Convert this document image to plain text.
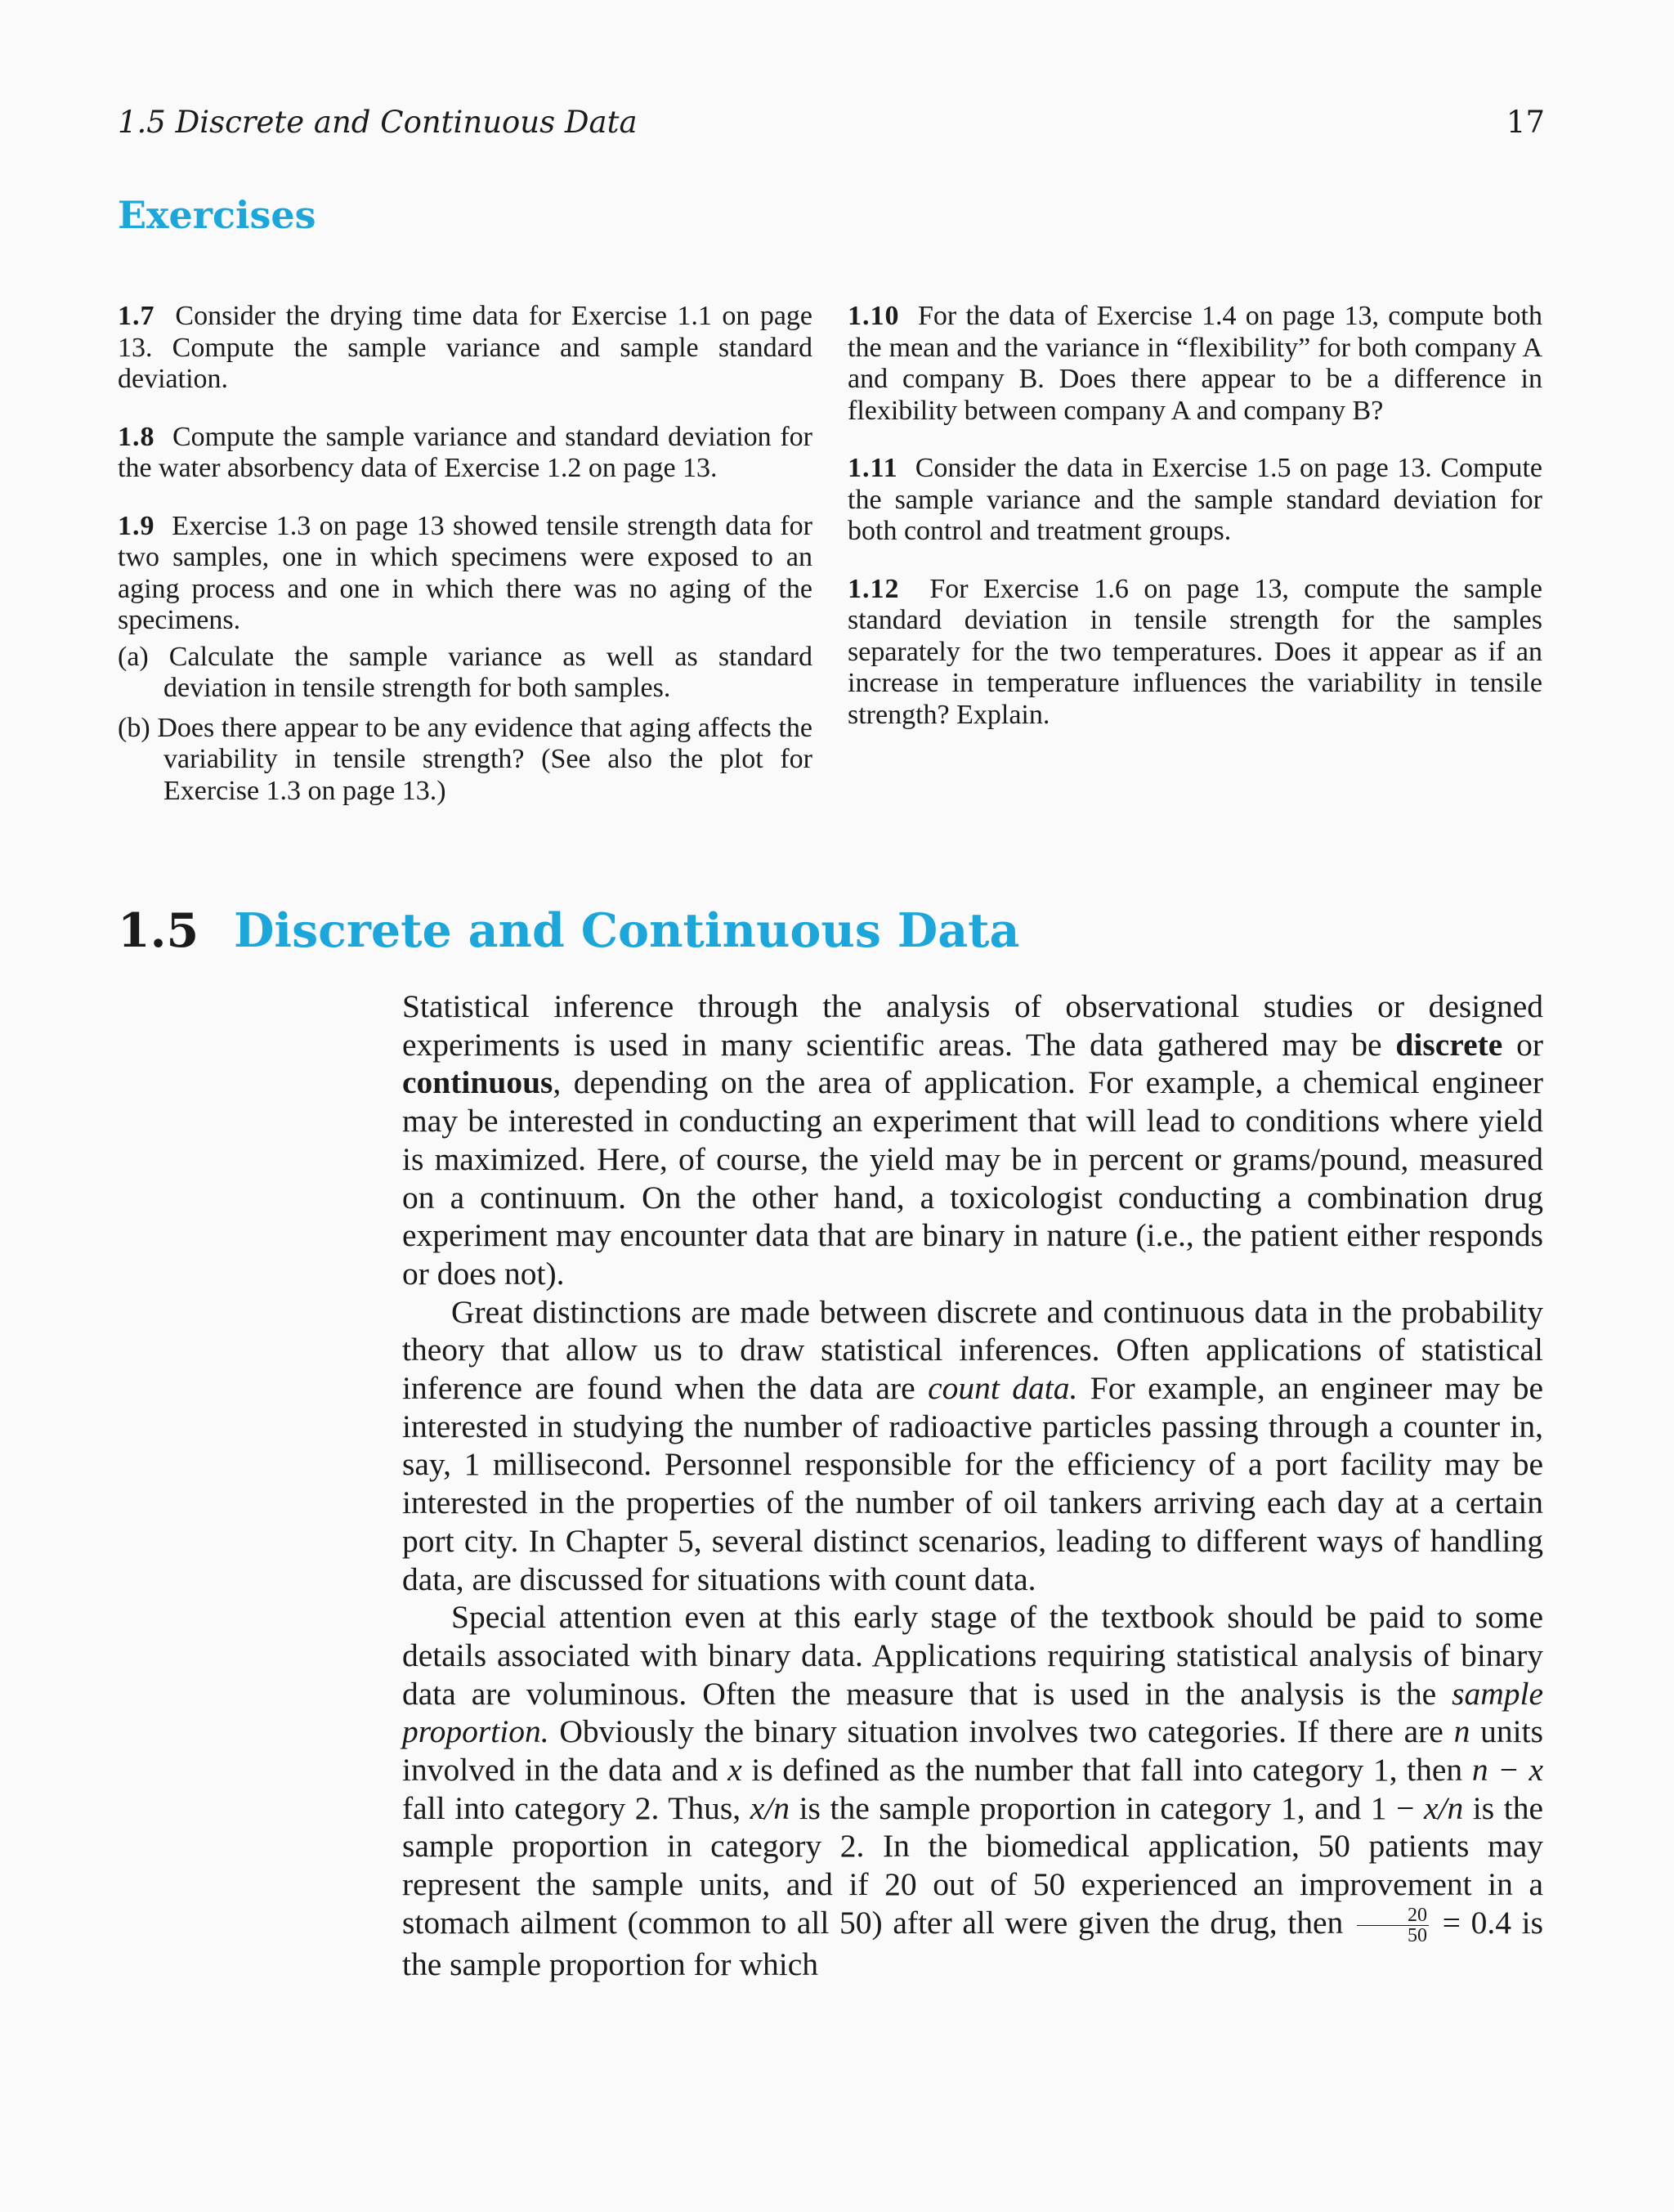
1.5 Discrete and Continuous Data	17
Exercises

1.7 Consider the drying time data for Exercise 1.1 on page 13. Compute the sample variance and sample standard deviation.

1.8 Compute the sample variance and standard deviation for the water absorbency data of Exercise 1.2 on page 13.

1.9 Exercise 1.3 on page 13 showed tensile strength data for two samples, one in which specimens were exposed to an aging process and one in which there was no aging of the specimens.

(a) Calculate the sample variance as well as standard deviation in tensile strength for both samples.

(b) Does there appear to be any evidence that aging affects the variability in tensile strength? (See also the plot for Exercise 1.3 on page 13.)

1.10 For the data of Exercise 1.4 on page 13, compute both the mean and the variance in “flexibility” for both company A and company B. Does there appear to be a difference in flexibility between company A and company B?

1.11 Consider the data in Exercise 1.5 on page 13. Compute the sample variance and the sample standard deviation for both control and treatment groups.

1.12 For Exercise 1.6 on page 13, compute the sample standard deviation in tensile strength for the samples separately for the two temperatures. Does it appear as if an increase in temperature influences the variability in tensile strength? Explain.

1.5 Discrete and Continuous Data

Statistical inference through the analysis of observational studies or designed experiments is used in many scientific areas. The data gathered may be discrete or continuous, depending on the area of application. For example, a chemical engineer may be interested in conducting an experiment that will lead to conditions where yield is maximized. Here, of course, the yield may be in percent or grams/pound, measured on a continuum. On the other hand, a toxicologist conducting a combination drug experiment may encounter data that are binary in nature (i.e., the patient either responds or does not).

Great distinctions are made between discrete and continuous data in the probability theory that allow us to draw statistical inferences. Often applications of statistical inference are found when the data are count data. For example, an engineer may be interested in studying the number of radioactive particles passing through a counter in, say, 1 millisecond. Personnel responsible for the efficiency of a port facility may be interested in the properties of the number of oil tankers arriving each day at a certain port city. In Chapter 5, several distinct scenarios, leading to different ways of handling data, are discussed for situations with count data.

Special attention even at this early stage of the textbook should be paid to some details associated with binary data. Applications requiring statistical analysis of binary data are voluminous. Often the measure that is used in the analysis is the sample proportion. Obviously the binary situation involves two categories. If there are n units involved in the data and x is defined as the number that fall into category 1, then n − x fall into category 2. Thus, x/n is the sample proportion in category 1, and 1 − x/n is the sample proportion in category 2. In the biomedical application, 50 patients may represent the sample units, and if 20 out of 50 experienced an improvement in a stomach ailment (common to all 50) after all were given the drug, then $\frac{20}{50} = 0.4$ is the sample proportion for which
